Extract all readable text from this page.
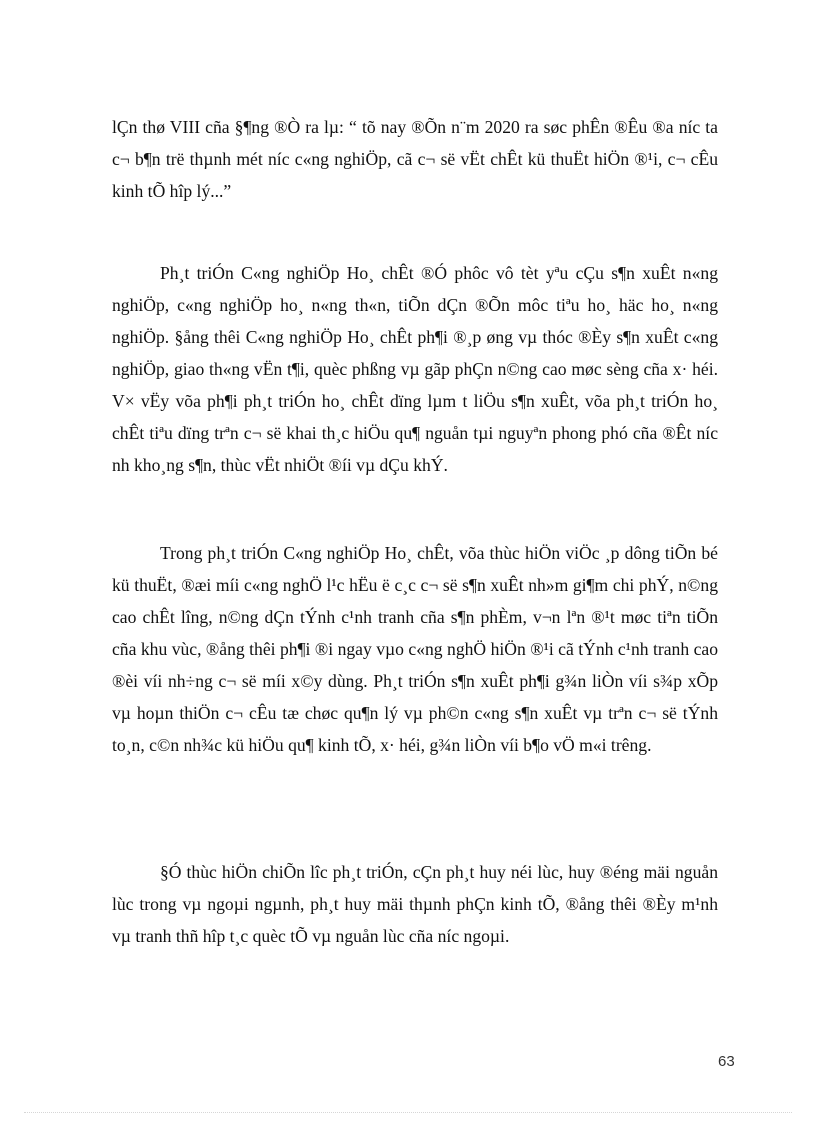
lÇn thø VIII cña §¶ng ®Ò ra lµ: “ tõ nay ®Õn n¨m 2020 ra søc phÊn ®Êu ®a níc ta c¬ b¶n trë thµnh mét níc c«ng nghiÖp, cã c¬ së vËt chÊt kü thuËt hiÖn ®¹i, c¬ cÊu kinh tÕ hîp lý...”

Ph¸t triÓn C«ng nghiÖp Ho¸ chÊt ®Ó phôc vô tèt yªu cÇu s¶n xuÊt n«ng nghiÖp, c«ng nghiÖp ho¸ n«ng th«n, tiÕn dÇn ®Õn môc tiªu ho¸ häc ho¸ n«ng nghiÖp. §ång thêi C«ng nghiÖp Ho¸ chÊt ph¶i ®¸p øng vµ thóc ®Èy s¶n xuÊt c«ng nghiÖp, giao th«ng vËn t¶i, quèc phßng vµ gãp phÇn n©ng cao møc sèng cña x· héi. V× vËy võa ph¶i ph¸t triÓn ho¸ chÊt dïng lµm t liÖu s¶n xuÊt, võa ph¸t triÓn ho¸ chÊt tiªu dïng trªn c¬ së khai th¸c hiÖu qu¶ nguån tµi nguyªn phong phó cña ®Êt níc nh kho¸ng s¶n, thùc vËt nhiÖt ®íi vµ dÇu khÝ.

Trong ph¸t triÓn C«ng nghiÖp Ho¸ chÊt, võa thùc hiÖn viÖc ¸p dông tiÕn bé kü thuËt, ®æi míi c«ng nghÖ l¹c hËu ë c¸c c¬ së s¶n xuÊt nh»m gi¶m chi phÝ, n©ng cao chÊt lîng, n©ng dÇn tÝnh c¹nh tranh cña s¶n phÈm, v¬n lªn ®¹t møc tiªn tiÕn cña khu vùc, ®ång thêi ph¶i ®i ngay vµo c«ng nghÖ hiÖn ®¹i cã tÝnh c¹nh tranh cao ®èi víi nh÷ng c¬ së míi x©y dùng. Ph¸t triÓn s¶n xuÊt ph¶i g¾n liÒn víi s¾p xÕp vµ hoµn thiÖn c¬ cÊu tæ chøc qu¶n lý vµ ph©n c«ng s¶n xuÊt vµ trªn c¬ së tÝnh to¸n, c©n nh¾c kü hiÖu qu¶ kinh tÕ, x· héi, g¾n liÒn víi b¶o vÖ m«i trêng.

§Ó thùc hiÖn chiÕn lîc ph¸t triÓn, cÇn ph¸t huy néi lùc, huy ®éng mäi nguån lùc trong vµ ngoµi ngµnh, ph¸t huy mäi thµnh phÇn kinh tÕ, ®ång thêi ®Èy m¹nh vµ tranh thñ hîp t¸c quèc tÕ vµ nguån lùc cña níc ngoµi.

63
